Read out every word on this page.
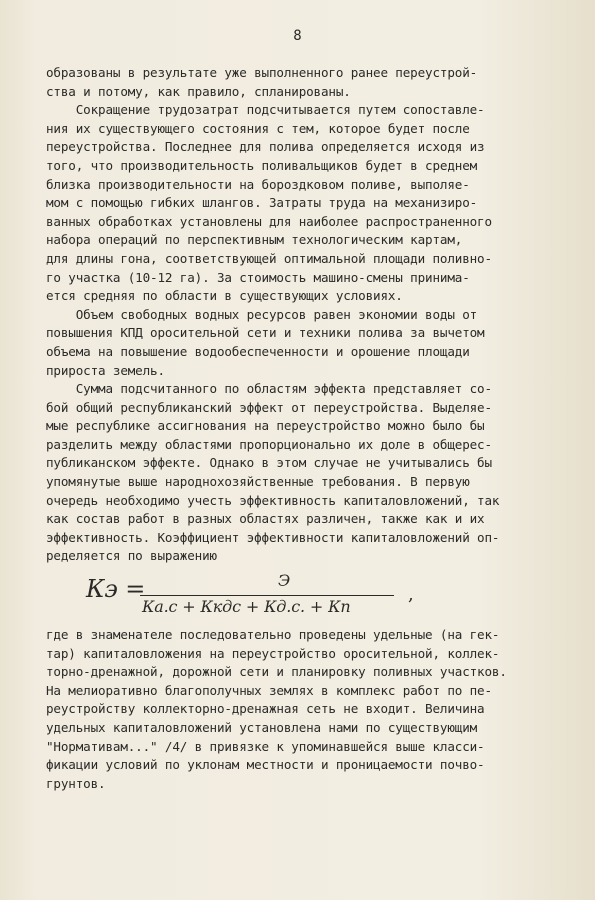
8
образованы в результате уже выполненного ранее переустрой-
ства и потому, как правило, спланированы.
Сокращение трудозатрат подсчитывается путем сопоставле-
ния их существующего состояния с тем, которое будет после
переустройства. Последнее для полива определяется исходя из
того, что производительность поливальщиков будет в среднем
близка производительности на бороздковом поливе, выполяе-
мом с помощью гибких шлангов. Затраты труда на механизиро-
ванных обработках установлены для наиболее распространенного
набора операций по перспективным технологическим картам,
для длины гона, соответствующей оптимальной площади поливно-
го участка (10-12 га). За стоимость машино-смены принима-
ется средняя по области в существующих условиях.
Объем свободных водных ресурсов равен экономии воды от
повышения КПД оросительной сети и техники полива за вычетом
объема на повышение водообеспеченности и орошение площади
прироста земель.
Сумма подсчитанного по областям эффекта представляет со-
бой общий республиканский эффект от переустройства. Выделяе-
мые республике ассигнования на переустройство можно было бы
разделить между областями пропорционально их доле в общерес-
публиканском эффекте. Однако в этом случае не учитывались бы
упомянутые выше народнохозяйственные требования. В первую
очередь необходимо учесть эффективность капиталовложений, так
как состав работ в разных областях различен, также как и их
эффективность. Коэффициент эффективности капиталовложений оп-
ределяется по выражению
Кэ =	Э
Ка.с + Ккдс + Кд.с. + Кп
,
где в знаменателе последовательно проведены удельные (на гек-
тар) капиталовложения на переустройство оросительной, коллек-
торно-дренажной, дорожной сети и планировку поливных участков.
На мелиоративно благополучных землях в комплекс работ по пе-
реустройству коллекторно-дренажная сеть не входит. Величина
удельных капиталовложений установлена нами по существующим
"Нормативам..." /4/ в привязке к упоминавшейся выше класси-
фикации условий по уклонам местности и проницаемости почво-
грунтов.
